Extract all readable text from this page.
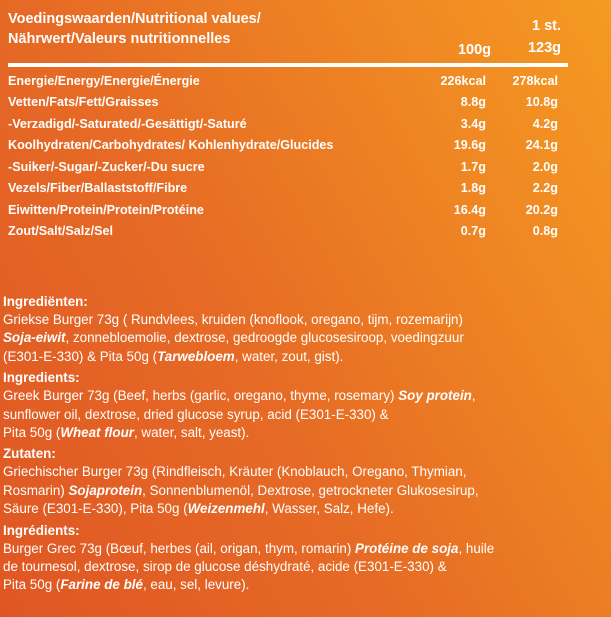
Voedingswaarden/Nutritional values/
Nährwert/Valeurs nutritionnelles
100g
1 st.
123g
Energie/Energy/Energie/Énergie	226kcal	278kcal
Vetten/Fats/Fett/Graisses	8.8g	10.8g
-Verzadigd/-Saturated/-Gesättigt/-Saturé	3.4g	4.2g
Koolhydraten/Carbohydrates/ Kohlenhydrate/Glucides	19.6g	24.1g
-Suiker/-Sugar/-Zucker/-Du sucre	1.7g	2.0g
Vezels/Fiber/Ballaststoff/Fibre	1.8g	2.2g
Eiwitten/Protein/Protein/Protéine	16.4g	20.2g
Zout/Salt/Salz/Sel	0.7g	0.8g
Ingrediënten:
Griekse Burger 73g ( Rundvlees, kruiden (knoflook, oregano, tijm, rozemarijn)
Soja-eiwit, zonnebloemolie, dextrose, gedroogde glucosesiroop, voedingzuur
(E301-E-330) & Pita 50g (Tarwebloem, water, zout, gist).
Ingredients:
Greek Burger 73g (Beef, herbs (garlic, oregano, thyme, rosemary) Soy protein,
sunflower oil, dextrose, dried glucose syrup, acid (E301-E-330) &
Pita 50g (Wheat flour, water, salt, yeast).
Zutaten:
Griechischer Burger 73g (Rindfleisch, Kräuter (Knoblauch, Oregano, Thymian,
Rosmarin) Sojaprotein, Sonnenblumenöl, Dextrose, getrockneter Glukosesirup,
Säure (E301-E-330), Pita 50g (Weizenmehl, Wasser, Salz, Hefe).
Ingrédients:
Burger Grec 73g (Bœuf, herbes (ail, origan, thym, romarin) Protéine de soja, huile
de tournesol, dextrose, sirop de glucose déshydraté, acide (E301-E-330) &
Pita 50g (Farine de blé, eau, sel, levure).
